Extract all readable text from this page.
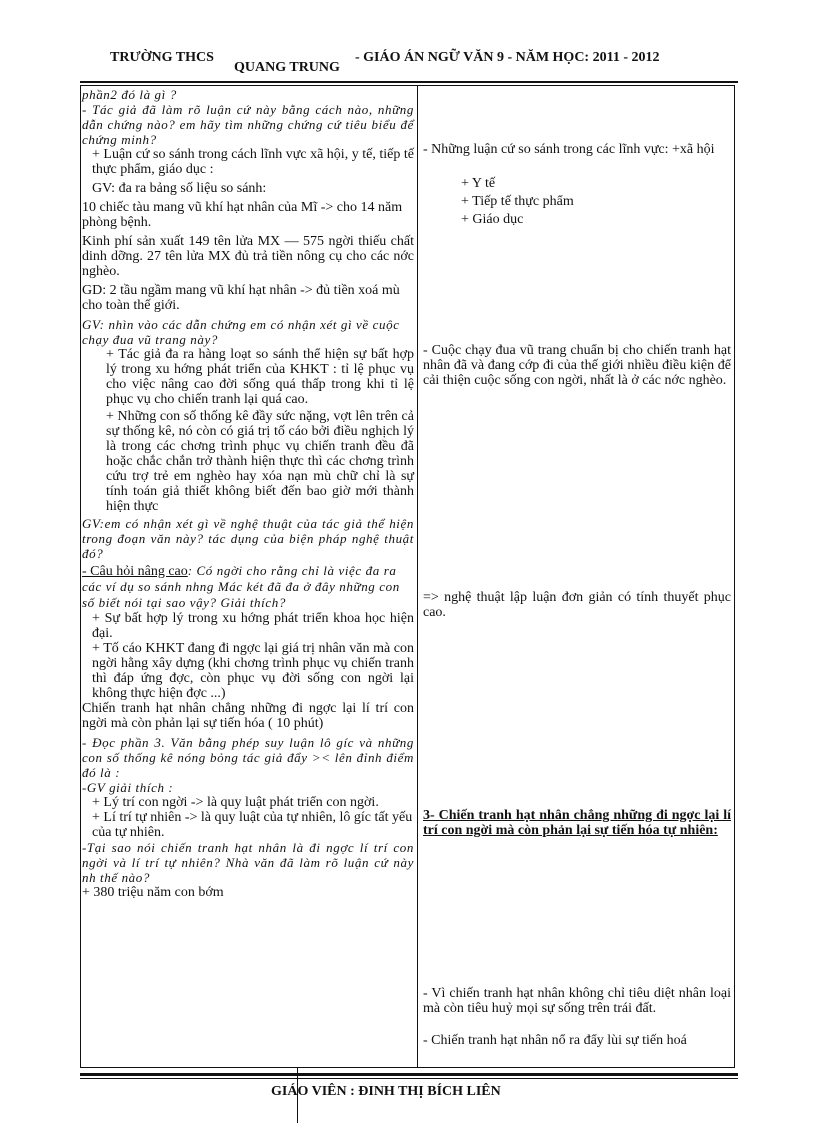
TRƯỜNG THCS
QUANG TRUNG
- GIÁO ÁN NGỮ VĂN 9 - NĂM HỌC: 2011 - 2012

phần2 đó là gì ?

- Tác giả đã làm rõ luận cứ này bằng cách nào, những dẫn chứng nào? em hãy tìm những chứng cứ tiêu biểu để chứng minh?

+ Luận cứ so sánh trong cách lĩnh vực xã hội, y tế, tiếp tế thực phẩm, giáo dục :

GV: đa ra bảng số liệu so sánh:

10 chiếc tàu mang vũ khí hạt nhân của Mĩ -> cho 14 năm phòng bệnh.

Kinh phí sản xuất 149 tên lửa MX — 575 ngời thiếu chất dinh dỡng. 27 tên lửa MX đủ trả tiền nông cụ cho các nớc nghèo.

GD: 2 tầu ngầm mang vũ khí hạt nhân -> đủ tiền xoá mù cho toàn thế giới.

GV: nhìn vào các dẫn chứng em có nhận xét gì về cuộc chạy đua vũ trang này?

+ Tác giả đa ra hàng loạt so sánh thể hiện sự bất hợp lý trong xu hớng phát triển của KHKT : tỉ lệ phục vụ cho việc nâng cao đời sống quá thấp trong khi tỉ lệ phục vụ cho chiến tranh lại quá cao.

+ Những con số thống kê đầy sức nặng, vợt lên trên cả sự thống kê, nó còn có giá trị tố cáo bởi điều nghịch lý là trong các chơng trình phục vụ chiến tranh đều đã hoặc chắc chắn trở thành hiện thực thì các chơng trình cứu trợ trẻ em nghèo hay xóa nạn mù chữ chỉ là sự tính toán giả thiết không biết đến bao giờ mới thành hiện thực

GV:em có nhận xét gì về nghệ thuật của tác giả thể hiện trong đoạn văn này? tác dụng của biện pháp nghệ thuật đó?

- Câu hỏi nâng cao: Có ngời cho rằng chỉ là việc đa ra các ví dụ so sánh nhng Mác két đã đa ở đây những con số biết nói tại sao vậy? Giải thích?

+ Sự bất hợp lý trong xu hớng phát triển khoa học hiện đại.

+ Tố cáo KHKT đang đi ngợc lại giá trị nhân văn mà con ngời hằng xây dựng (khi chơng trình phục vụ chiến tranh thì đáp ứng đợc, còn phục vụ đời sống con ngời lại không thực hiện đợc ...)

Chiến tranh hạt nhân chẳng những đi ngợc lại lí trí con ngời mà còn phản lại sự tiến hóa ( 10 phút)

- Đọc phần 3. Văn bằng phép suy luận lô gíc và những con số thống kê nóng bỏng tác giả đẩy >< lên đỉnh điểm đó là :

-GV giải thích :

+ Lý trí con ngời -> là quy luật phát triển con ngời.

+ Lí trí tự nhiên -> là quy luật của tự nhiên, lô gíc tất yếu của tự nhiên.

-Tại sao nói chiến tranh hạt nhân là đi ngợc lí trí con ngời và lí trí tự nhiên? Nhà văn đã làm rõ luận cứ này nh thế nào?

+ 380 triệu năm con bớm

- Những luận cứ so sánh trong các lĩnh vực: +xã hội

+ Y tế

+ Tiếp tế thực phẩm

+ Giáo dục

- Cuộc chạy đua vũ trang chuẩn bị cho chiến tranh hạt nhân đã và đang cớp đi của thế giới nhiều điều kiện để cải thiện cuộc sống con ngời, nhất là ở các nớc nghèo.

=> nghệ thuật lập luận đơn giản có tính thuyết phục cao.

3- Chiến tranh hạt nhân chẳng những đi ngợc lại lí trí con ngời mà còn phản lại sự tiến hóa tự nhiên:

- Vì chiến tranh hạt nhân không chỉ tiêu diệt nhân loại mà còn tiêu huỷ mọi sự sống trên trái đất.

- Chiến tranh hạt nhân nổ ra đẩy lùi sự tiến hoá

GIÁO VIÊN : ĐINH THỊ BÍCH LIÊN
